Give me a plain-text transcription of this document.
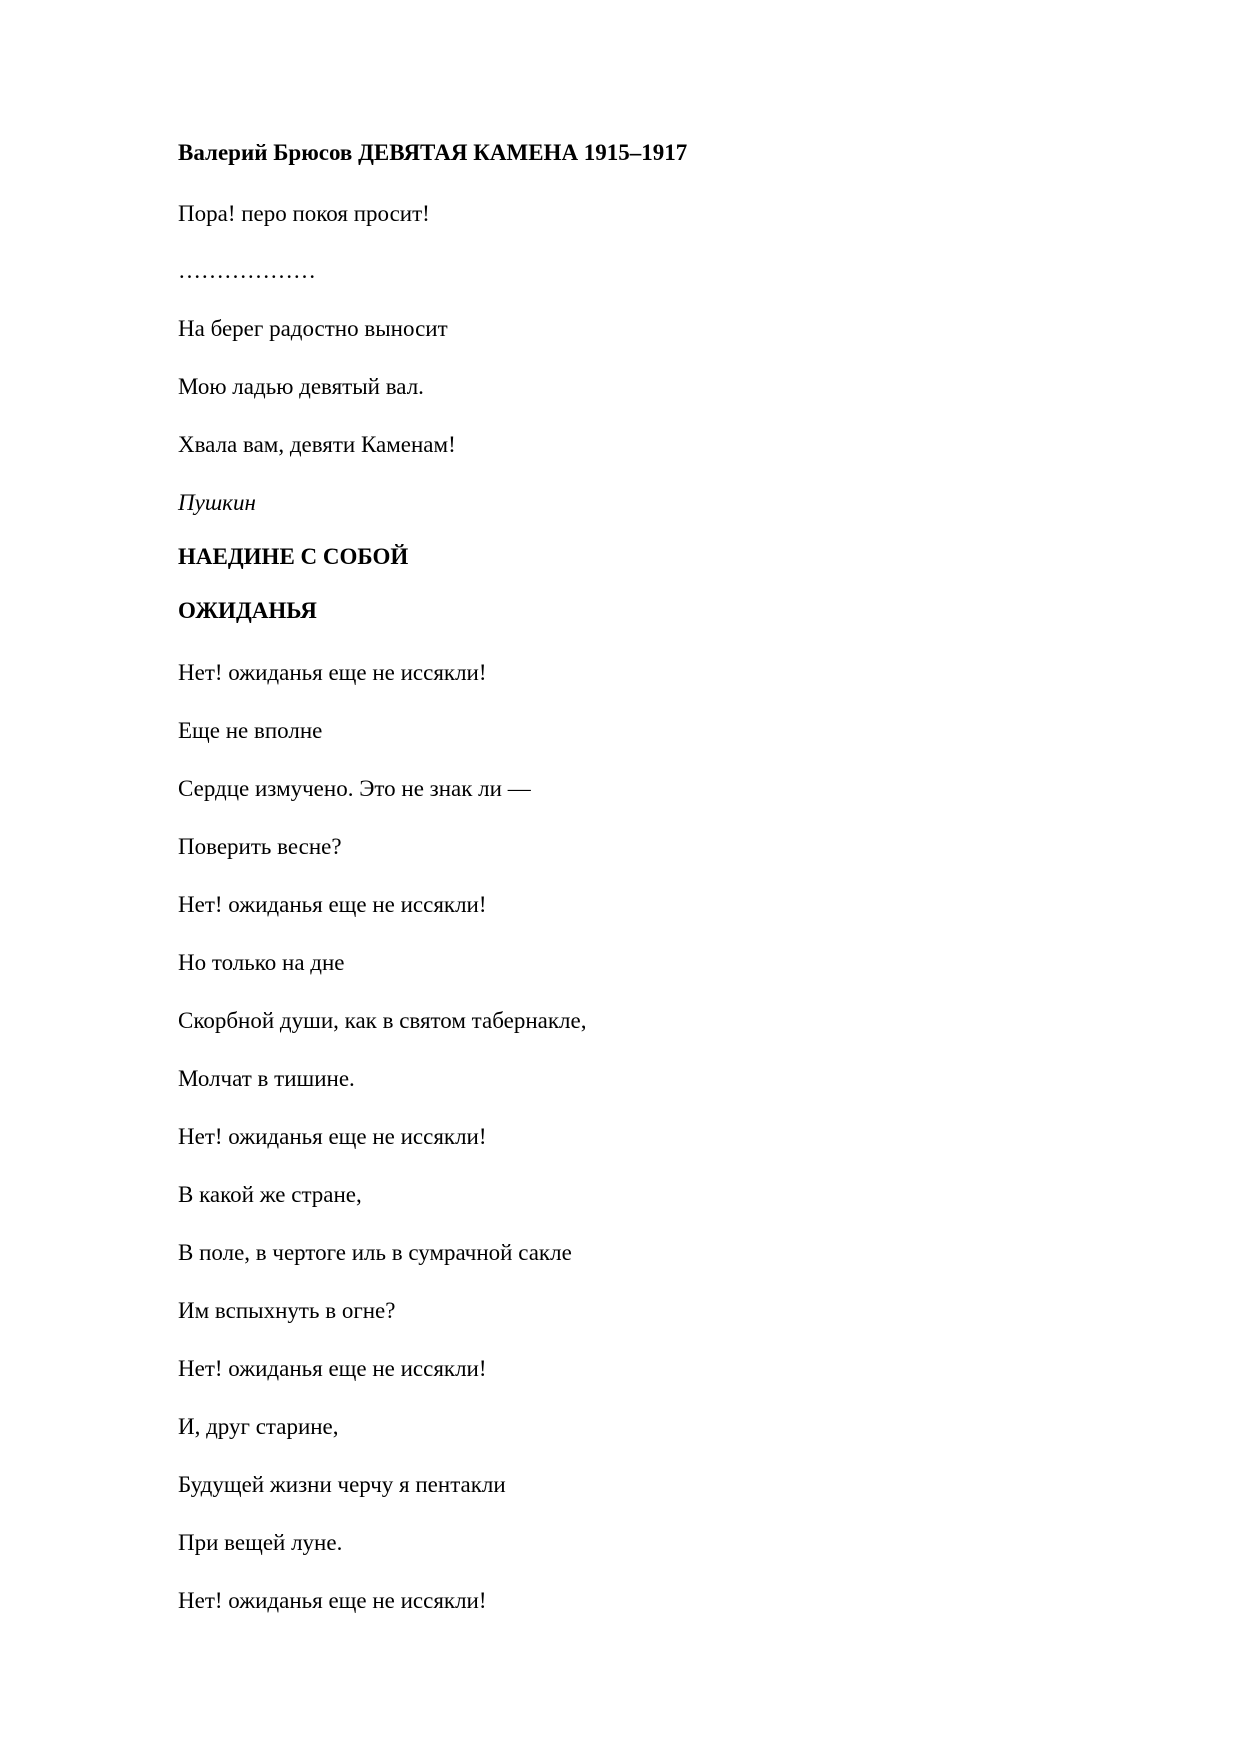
Валерий Брюсов ДЕВЯТАЯ КАМЕНА 1915–1917
Пора! перо покоя просит!
………………
На берег радостно выносит
Мою ладью девятый вал.
Хвала вам, девяти Каменам!
Пушкин
НАЕДИНЕ С СОБОЙ
ОЖИДАНЬЯ
Нет! ожиданья еще не иссякли!
Еще не вполне
Сердце измучено. Это не знак ли —
Поверить весне?
Нет! ожиданья еще не иссякли!
Но только на дне
Скорбной души, как в святом табернакле,
Молчат в тишине.
Нет! ожиданья еще не иссякли!
В какой же стране,
В поле, в чертоге иль в сумрачной сакле
Им вспыхнуть в огне?
Нет! ожиданья еще не иссякли!
И, друг старине,
Будущей жизни черчу я пентакли
При вещей луне.
Нет! ожиданья еще не иссякли!
